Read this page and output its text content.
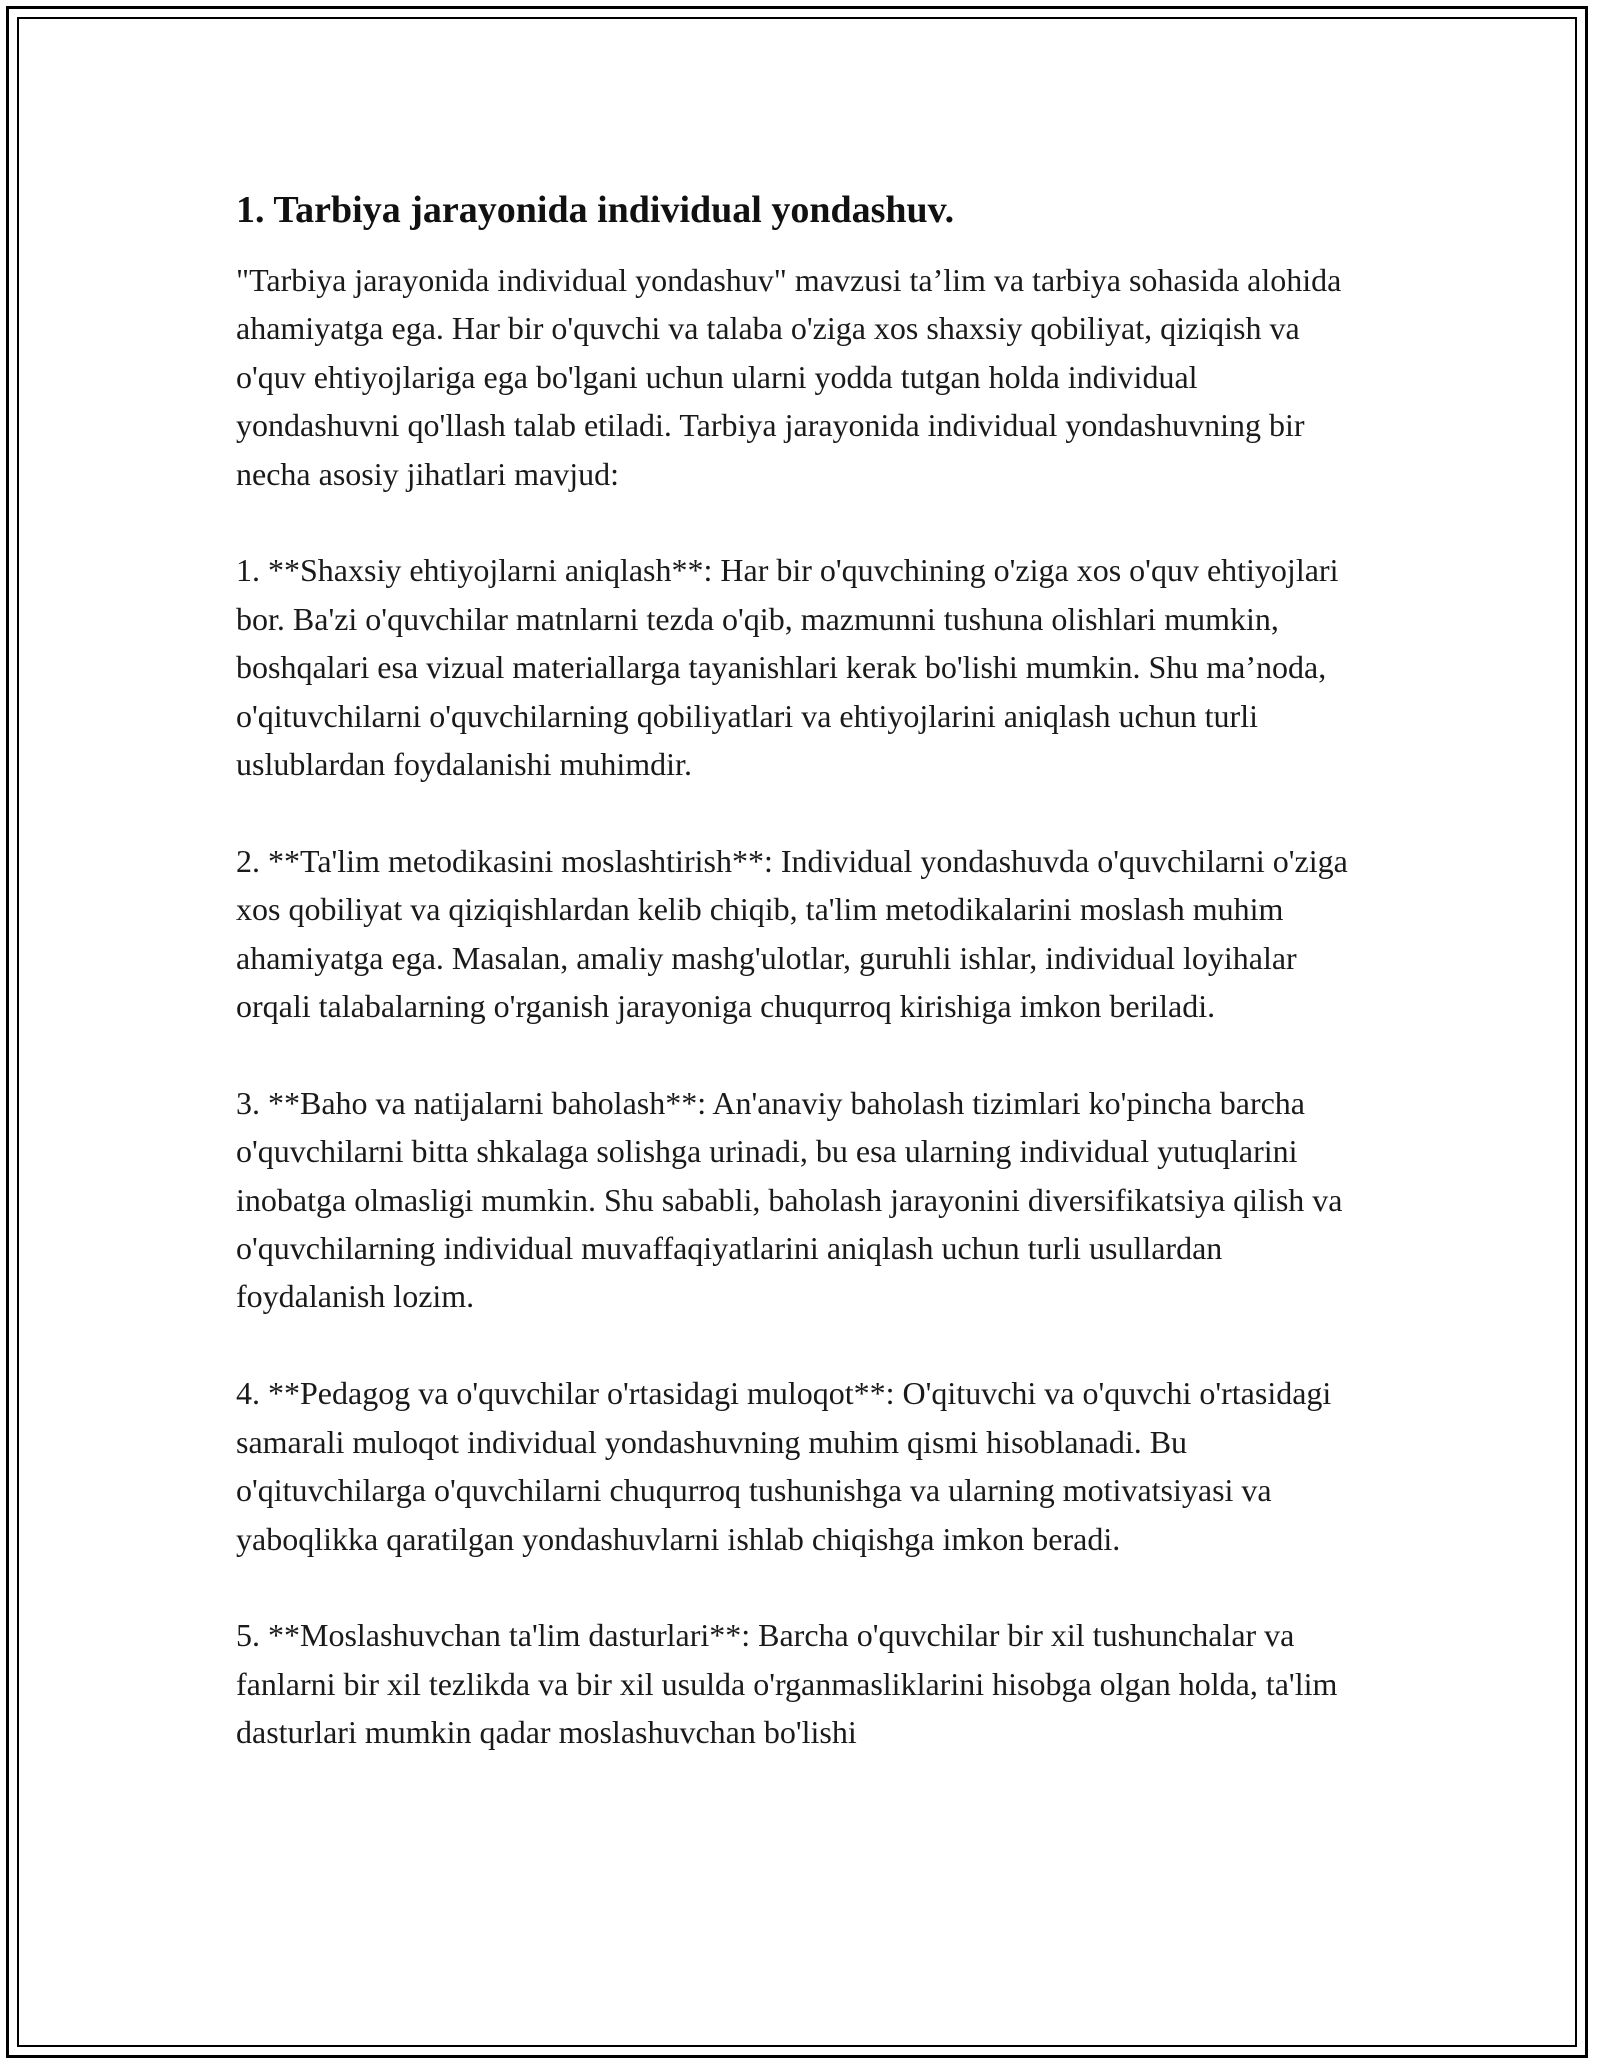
1. Tarbiya jarayonida individual yondashuv.

"Tarbiya jarayonida individual yondashuv" mavzusi ta’lim va tarbiya sohasida alohida ahamiyatga ega. Har bir o'quvchi va talaba o'ziga xos shaxsiy qobiliyat, qiziqish va o'quv ehtiyojlariga ega bo'lgani uchun ularni yodda tutgan holda individual yondashuvni qo'llash talab etiladi. Tarbiya jarayonida individual yondashuvning bir necha asosiy jihatlari mavjud:

1. **Shaxsiy ehtiyojlarni aniqlash**: Har bir o'quvchining o'ziga xos o'quv ehtiyojlari bor. Ba'zi o'quvchilar matnlarni tezda o'qib, mazmunni tushuna olishlari mumkin, boshqalari esa vizual materiallarga tayanishlari kerak bo'lishi mumkin. Shu ma’noda, o'qituvchilarni o'quvchilarning qobiliyatlari va ehtiyojlarini aniqlash uchun turli uslublardan foydalanishi muhimdir.

2. **Ta'lim metodikasini moslashtirish**: Individual yondashuvda o'quvchilarni o'ziga xos qobiliyat va qiziqishlardan kelib chiqib, ta'lim metodikalarini moslash muhim ahamiyatga ega. Masalan, amaliy mashg'ulotlar, guruhli ishlar, individual loyihalar orqali talabalarning o'rganish jarayoniga chuqurroq kirishiga imkon beriladi.

3. **Baho va natijalarni baholash**: An'anaviy baholash tizimlari ko'pincha barcha o'quvchilarni bitta shkalaga solishga urinadi, bu esa ularning individual yutuqlarini inobatga olmasligi mumkin. Shu sababli, baholash jarayonini diversifikatsiya qilish va o'quvchilarning individual muvaffaqiyatlarini aniqlash uchun turli usullardan foydalanish lozim.

4. **Pedagog va o'quvchilar o'rtasidagi muloqot**: O'qituvchi va o'quvchi o'rtasidagi samarali muloqot individual yondashuvning muhim qismi hisoblanadi. Bu o'qituvchilarga o'quvchilarni chuqurroq tushunishga va ularning motivatsiyasi va yaboqlikka qaratilgan yondashuvlarni ishlab chiqishga imkon beradi.

5. **Moslashuvchan ta'lim dasturlari**: Barcha o'quvchilar bir xil tushunchalar va fanlarni bir xil tezlikda va bir xil usulda o'rganmasliklarini hisobga olgan holda, ta'lim dasturlari mumkin qadar moslashuvchan bo'lishi
